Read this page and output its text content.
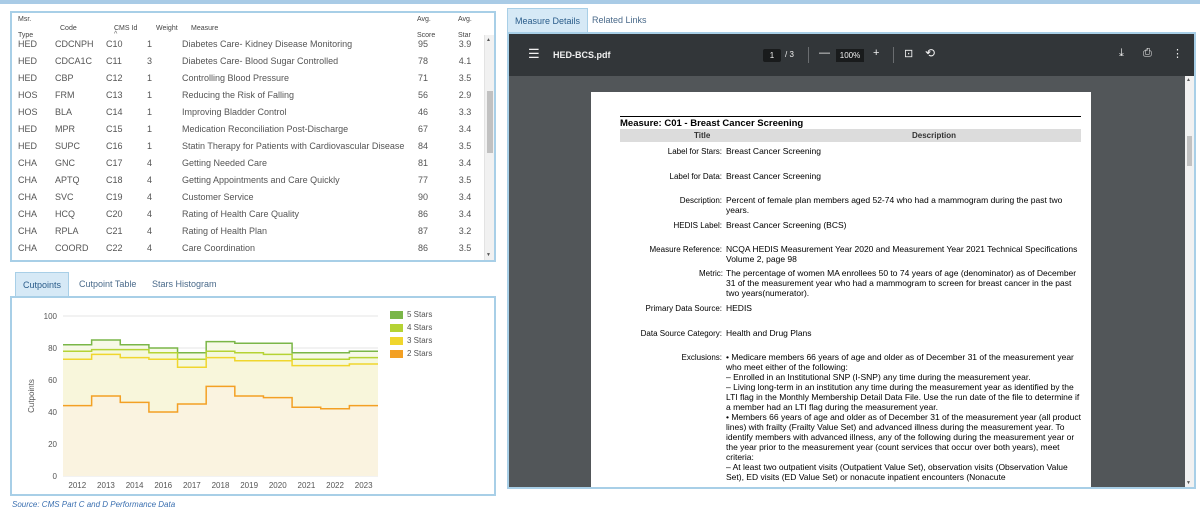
Msr.

Type
Code	CMS Id
^
Weight Measure
Avg.

Score
Avg.

Star
HED CDCNPH C10	1	Diabetes Care- Kidney Disease Monitoring	95	3.9
HED CDCA1C C11	3	Diabetes Care- Blood Sugar Controlled	78	4.1
HED CBP	C12	1	Controlling Blood Pressure	71	3.5
HOS FRM	C13	1	Reducing the Risk of Falling	56	2.9
HOS BLA	C14	1	Improving Bladder Control	46	3.3
HED MPR	C15	1	Medication Reconciliation Post-Discharge	67	3.4
HED SUPC	C16	1	Statin Therapy for Patients with Cardiovascular Disease	84	3.5
CHA GNC	C17	4	Getting Needed Care	81	3.4
CHA APTQ	C18	4	Getting Appointments and Care Quickly	77	3.5
CHA SVC	C19	4	Customer Service	90	3.4
CHA HCQ	C20	4	Rating of Health Care Quality	86	3.4
CHA RPLA	C21	4	Rating of Health Plan	87	3.2
CHA COORD C22	4	Care Coordination	86	3.5
▲
▼
Cutpoints	Cutpoint Table Stars Histogram
0
20
40
60
80
100
Cutpoints
2012 2013 2014 2016 2017 2018 2019 2020 2021 2022 2023
5 Stars
4 Stars
3 Stars
2 Stars
Source: CMS Part C and D Performance Data
Measure Details	Related Links
☰ HED-BCS.pdf	1	/ 3 —	100%	+ ⊡ ⟲	⤓ ⎙ ⋮
Measure: C01 - Breast Cancer Screening
Title	Description
Label for Stars: Breast Cancer Screening
Label for Data: Breast Cancer Screening
Description: Percent of female plan members aged 52-74 who had a mammogram during the past two years.
HEDIS Label: Breast Cancer Screening (BCS)
Measure Reference: NCQA HEDIS Measurement Year 2020 and Measurement Year 2021 Technical Specifications Volume 2, page 98
Metric: The percentage of women MA enrollees 50 to 74 years of age (denominator) as of December 31 of the measurement year who had a mammogram to screen for breast cancer in the past two years(numerator).
Primary Data Source: HEDIS
Data Source Category: Health and Drug Plans
Exclusions: • Medicare members 66 years of age and older as of December 31 of the measurement year who meet either of the following:
– Enrolled in an Institutional SNP (I-SNP) any time during the measurement year.
– Living long-term in an institution any time during the measurement year as identified by the LTI flag in the Monthly Membership Detail Data File. Use the run date of the file to determine if a member had an LTI flag during the measurement year.
• Members 66 years of age and older as of December 31 of the measurement year (all product lines) with frailty (Frailty Value Set) and advanced illness during the measurement year. To identify members with advanced illness, any of the following during the measurement year or the year prior to the measurement year (count services that occur over both years), meet criteria:
– At least two outpatient visits (Outpatient Value Set), observation visits (Observation Value Set), ED visits (ED Value Set) or nonacute inpatient encounters (Nonacute
▲
▼
